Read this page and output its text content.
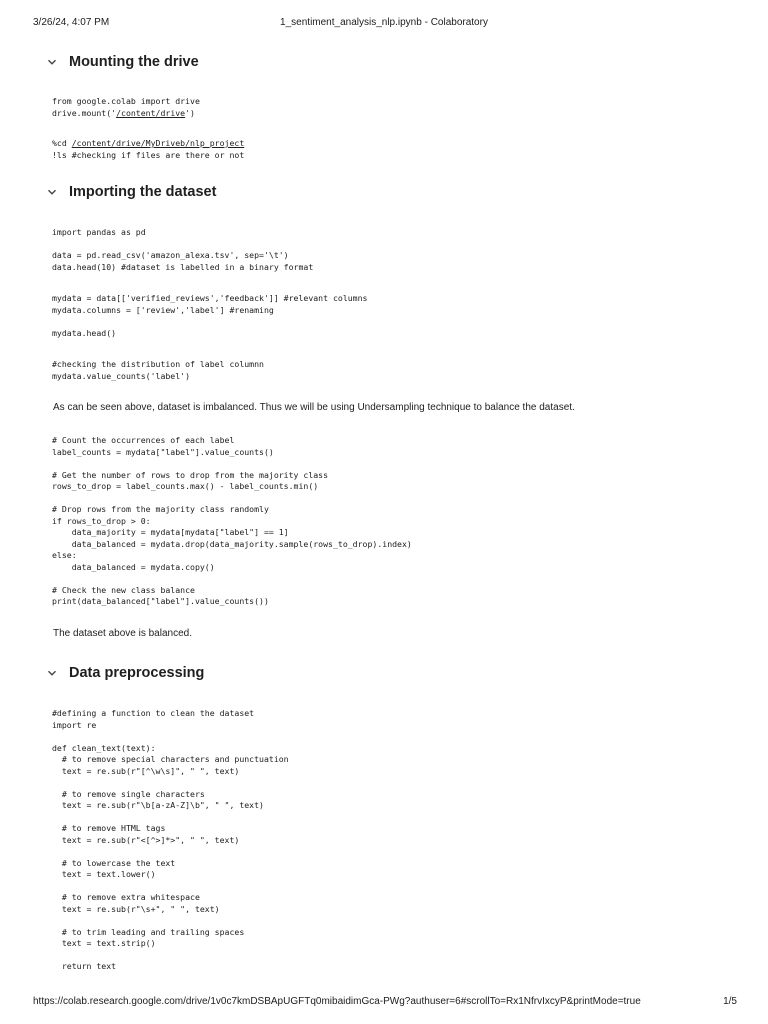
3/26/24, 4:07 PM	1_sentiment_analysis_nlp.ipynb - Colaboratory
Mounting the drive
from google.colab import drive
drive.mount('/content/drive')
%cd /content/drive/MyDriveb/nlp_project
!ls #checking if files are there or not
Importing the dataset
import pandas as pd

data = pd.read_csv('amazon_alexa.tsv', sep='\t')
data.head(10) #dataset is labelled in a binary format
mydata = data[['verified_reviews','feedback']] #relevant columns
mydata.columns = ['review','label'] #renaming

mydata.head()
#checking the distribution of label columnn
mydata.value_counts('label')
As can be seen above, dataset is imbalanced. Thus we will be using Undersampling technique to balance the dataset.
# Count the occurrences of each label
label_counts = mydata["label"].value_counts()

# Get the number of rows to drop from the majority class
rows_to_drop = label_counts.max() - label_counts.min()

# Drop rows from the majority class randomly
if rows_to_drop > 0:
data_majority = mydata[mydata["label"] == 1]
data_balanced = mydata.drop(data_majority.sample(rows_to_drop).index)
else:
data_balanced = mydata.copy()

# Check the new class balance
print(data_balanced["label"].value_counts())
The dataset above is balanced.
Data preprocessing
#defining a function to clean the dataset
import re

def clean_text(text):
# to remove special characters and punctuation
text = re.sub(r"[^\w\s]", " ", text)

# to remove single characters
text = re.sub(r"\b[a-zA-Z]\b", " ", text)

# to remove HTML tags
text = re.sub(r"<[^>]*>", " ", text)

# to lowercase the text
text = text.lower()

# to remove extra whitespace
text = re.sub(r"\s+", " ", text)

# to trim leading and trailing spaces
text = text.strip()

return text
https://colab.research.google.com/drive/1v0c7kmDSBApUGFTq0mibaidimGca-PWg?authuser=6#scrollTo=Rx1NfrvIxcyP&printMode=true	1/5
